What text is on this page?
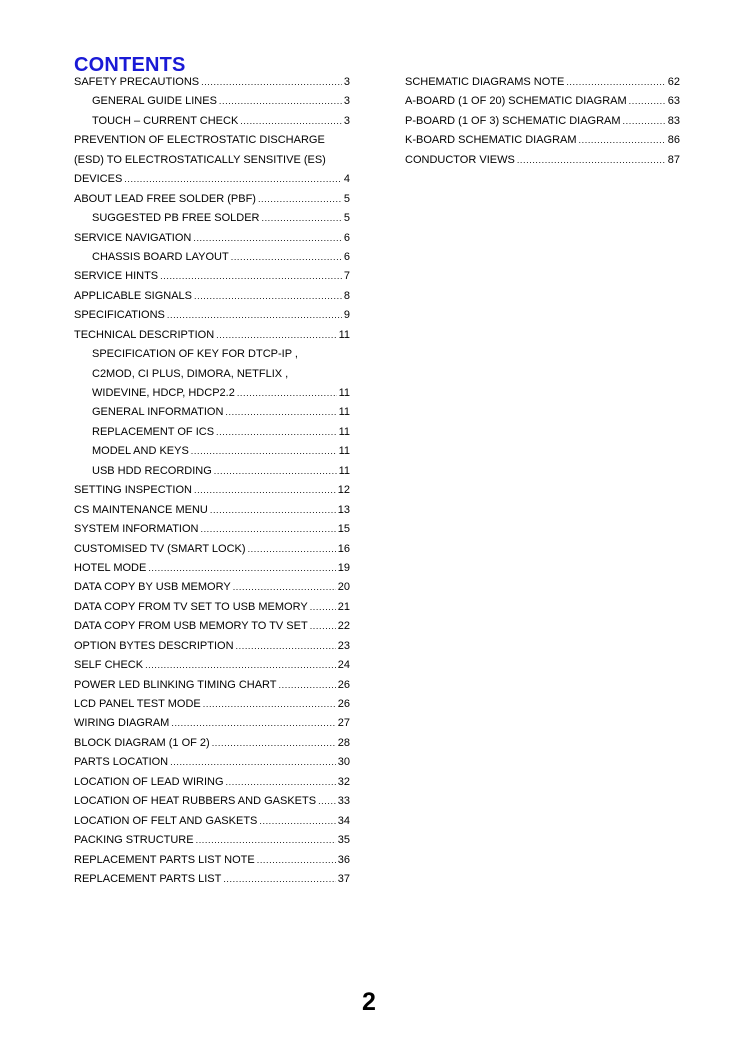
CONTENTS
SAFETY PRECAUTIONS .....	3
GENERAL GUIDE LINES .....	3
TOUCH – CURRENT CHECK .....	3
PREVENTION OF ELECTROSTATIC DISCHARGE
(ESD) TO ELECTROSTATICALLY SENSITIVE (ES)
DEVICES .....	4
ABOUT LEAD FREE SOLDER (PBF) .....	5
SUGGESTED PB FREE SOLDER .....	5
SERVICE NAVIGATION .....	6
CHASSIS BOARD LAYOUT .....	6
SERVICE HINTS .....	7
APPLICABLE SIGNALS .....	8
SPECIFICATIONS .....	9
TECHNICAL DESCRIPTION .....	11
SPECIFICATION OF KEY FOR DTCP-IP ,
C2MOD, CI PLUS, DIMORA, NETFLIX ,
WIDEVINE, HDCP, HDCP2.2 .....	11
GENERAL INFORMATION .....	11
REPLACEMENT OF ICS .....	11
MODEL AND KEYS .....	11
USB HDD RECORDING .....	11
SETTING INSPECTION .....	12
CS MAINTENANCE MENU .....	13
SYSTEM INFORMATION .....	15
CUSTOMISED TV (SMART LOCK) .....	16
HOTEL MODE .....	19
DATA COPY BY USB MEMORY .....	20
DATA COPY FROM TV SET TO USB MEMORY .....	21
DATA COPY FROM USB MEMORY TO TV SET .....	22
OPTION BYTES DESCRIPTION .....	23
SELF CHECK .....	24
POWER LED BLINKING TIMING CHART .....	26
LCD PANEL TEST MODE .....	26
WIRING DIAGRAM .....	27
BLOCK DIAGRAM (1 OF 2) .....	28
PARTS LOCATION .....	30
LOCATION OF LEAD WIRING .....	32
LOCATION OF HEAT RUBBERS AND GASKETS ..... 33
LOCATION OF FELT AND GASKETS .....	34
PACKING STRUCTURE .....	35
REPLACEMENT PARTS LIST NOTE .....	36
REPLACEMENT PARTS LIST .....	37
SCHEMATIC DIAGRAMS NOTE .....	62
A-BOARD (1 OF 20) SCHEMATIC DIAGRAM .....	63
P-BOARD (1 OF 3) SCHEMATIC DIAGRAM .....	83
K-BOARD SCHEMATIC DIAGRAM .....	86
CONDUCTOR VIEWS .....	87
2
